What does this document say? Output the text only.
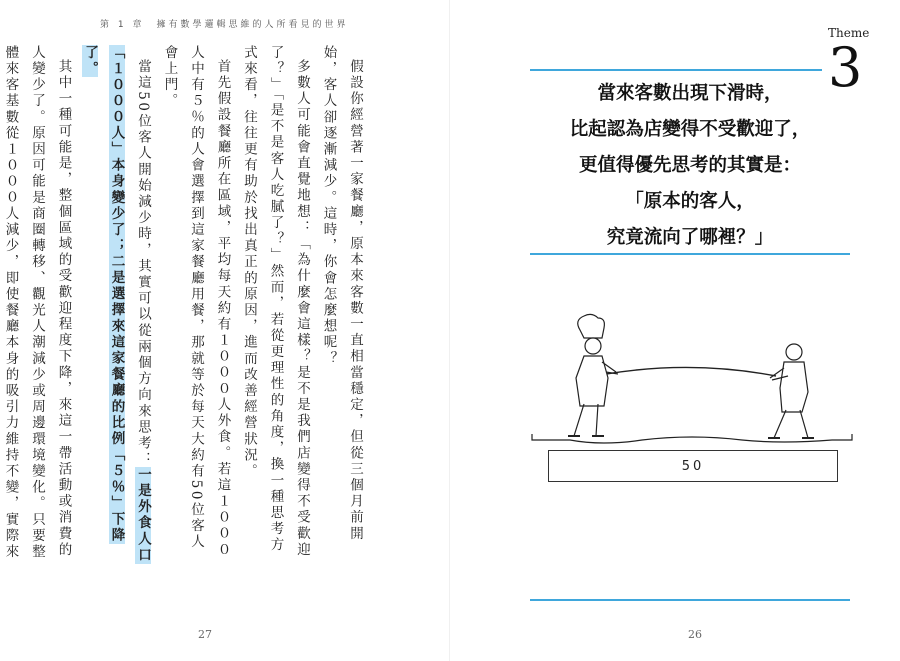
第 1 章　擁有數學邏輯思維的人所看見的世界

假設你經營著一家餐廳，原本來客數一直相當穩定，但從三個月前開始，客人卻逐漸減少。這時，你會怎麼想呢？

多數人可能會直覺地想：「為什麼會這樣？是不是我們店變得不受歡迎了？」「是不是客人吃膩了？」然而，若從更理性的角度，換一種思考方式來看，往往更有助於找出真正的原因，進而改善經營狀況。

首先假設餐廳所在區域，平均每天約有１０００人外食。若這１０００人中有５％的人會選擇到這家餐廳用餐，那就等於每天大約有50位客人會上門。

當這50位客人開始減少時，其實可以從兩個方向來思考：一是外食人口「１０００人」本身變少了；二是選擇來這家餐廳的比例「５％」下降了。

其中一種可能是，整個區域的受歡迎程度下降，來這一帶活動或消費的人變少了。原因可能是商圈轉移、觀光人潮減少或周邊環境變化。只要整體來客基數從１０００人減少，即使餐廳本身的吸引力維持不變，實際來

27
Theme
3
當來客數出現下滑時，
比起認為店變得不受歡迎了，
更值得優先思考的其實是：
「原本的客人，
究竟流向了哪裡？」
50
26
